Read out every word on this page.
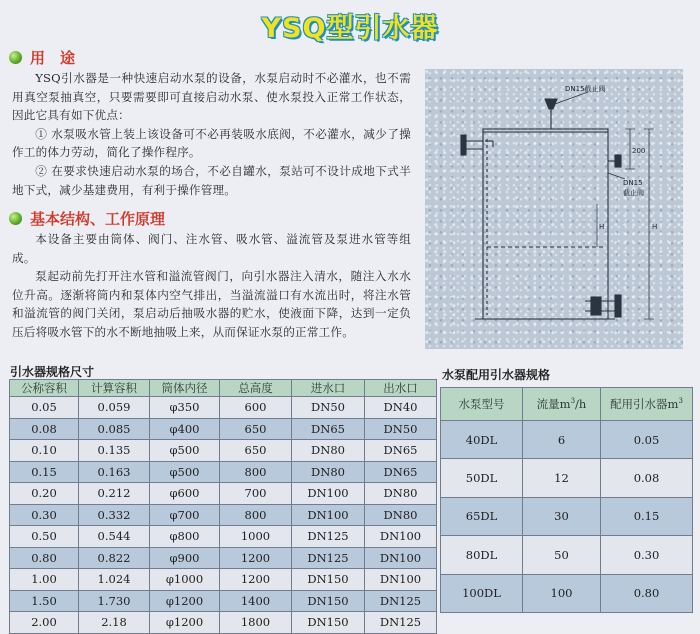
YSQ型引水器
用　途

YSQ引水器是一种快速启动水泵的设备，水泵启动时不必灌水，也不需用真空泵抽真空，只要需要即可直接启动水泵、使水泵投入正常工作状态，因此它具有如下优点：

① 水泵吸水管上装上该设备可不必再装吸水底阀，不必灌水，减少了操作工的体力劳动，简化了操作程序。

② 在要求快速启动水泵的场合，不必自罐水，泵站可不设计成地下式半地下式，减少基建费用，有利于操作管理。

基本结构、工作原理

本设备主要由筒体、阀门、注水管、吸水管、溢流管及泵进水管等组成。

泵起动前先打开注水管和溢流管阀门，向引水器注入清水，随注入水水位升高。逐渐将筒内和泵体内空气排出，当溢流溢口有水流出时，将注水管和溢流管的阀门关闭，泵启动后抽吸水器的贮水，使液面下降，达到一定负压后将吸水管下的水不断地抽吸上来，从而保证水泵的正常工作。

DN15截止阀
DN15
截止阀
H
200
H
引水器规格尺寸
公称容积	计算容积	筒体内径	总高度	进水口	出水口
0.05	0.059	φ350	600	DN50	DN40
0.08	0.085	φ400	650	DN65	DN50
0.10	0.135	φ500	650	DN80	DN65
0.15	0.163	φ500	800	DN80	DN65
0.20	0.212	φ600	700	DN100	DN80
0.30	0.332	φ700	800	DN100	DN80
0.50	0.544	φ800	1000	DN125	DN100
0.80	0.822	φ900	1200	DN125	DN100
1.00	1.024	φ1000	1200	DN150	DN100
1.50	1.730	φ1200	1400	DN150	DN125
2.00	2.18	φ1200	1800	DN150	DN125
水泵配用引水器规格
水泵型号	流量$m^3/h$	配用引水器$m^3$
40DL	6	0.05
50DL	12	0.08
65DL	30	0.15
80DL	50	0.30
100DL	100	0.80
